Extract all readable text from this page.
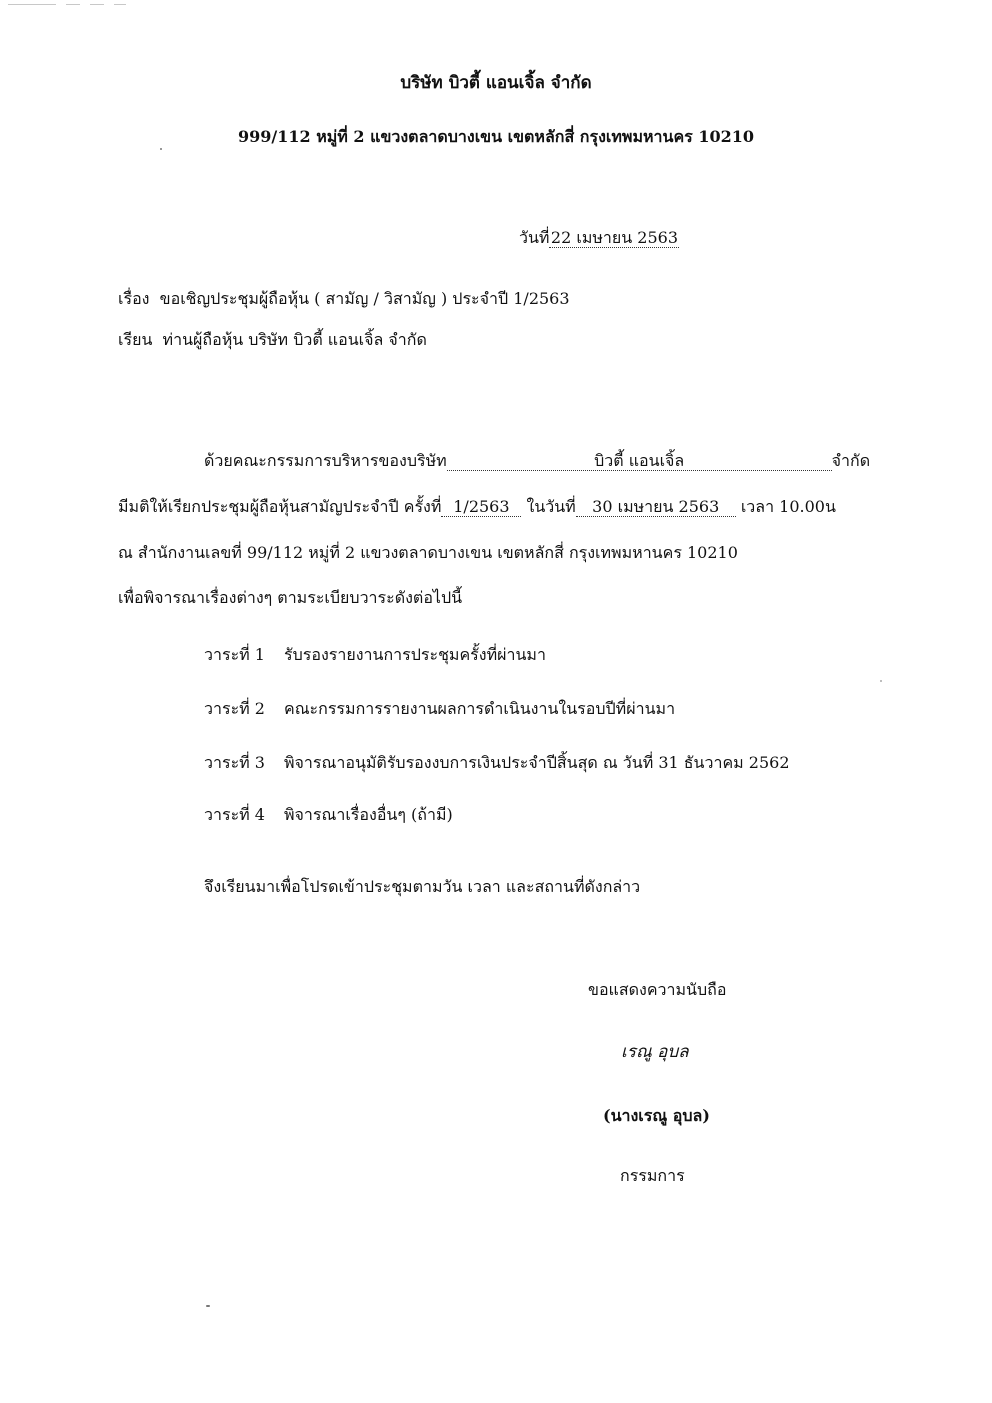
บริษัท บิวตี้ แอนเจิ้ล จำกัด
999/112 หมู่ที่ 2 แขวงตลาดบางเขน เขตหลักสี่ กรุงเทพมหานคร 10210
วันที่22 เมษายน 2563
เรื่อง ขอเชิญประชุมผู้ถือหุ้น ( สามัญ / วิสามัญ ) ประจำปี 1/2563
เรียน ท่านผู้ถือหุ้น บริษัท บิวตี้ แอนเจิ้ล จำกัด
ด้วยคณะกรรมการบริหารของบริษัท	บิวตี้ แอนเจิ้ล	จำกัด
มีมติให้เรียกประชุมผู้ถือหุ้นสามัญประจำปี ครั้งที่ 1/2563 ในวันที่ 30 เมษายน 2563 เวลา 10.00น
ณ สำนักงานเลขที่ 99/112 หมู่ที่ 2 แขวงตลาดบางเขน เขตหลักสี่ กรุงเทพมหานคร 10210
เพื่อพิจารณาเรื่องต่างๆ ตามระเบียบวาระดังต่อไปนี้
วาระที่ 1 รับรองรายงานการประชุมครั้งที่ผ่านมา
วาระที่ 2 คณะกรรมการรายงานผลการดำเนินงานในรอบปีที่ผ่านมา
วาระที่ 3 พิจารณาอนุมัติรับรองงบการเงินประจำปีสิ้นสุด ณ วันที่ 31 ธันวาคม 2562
วาระที่ 4 พิจารณาเรื่องอื่นๆ (ถ้ามี)
จึงเรียนมาเพื่อโปรดเข้าประชุมตามวัน เวลา และสถานที่ดังกล่าว
ขอแสดงความนับถือ
เรณู อุบล
(นางเรณู อุบล)
กรรมการ
